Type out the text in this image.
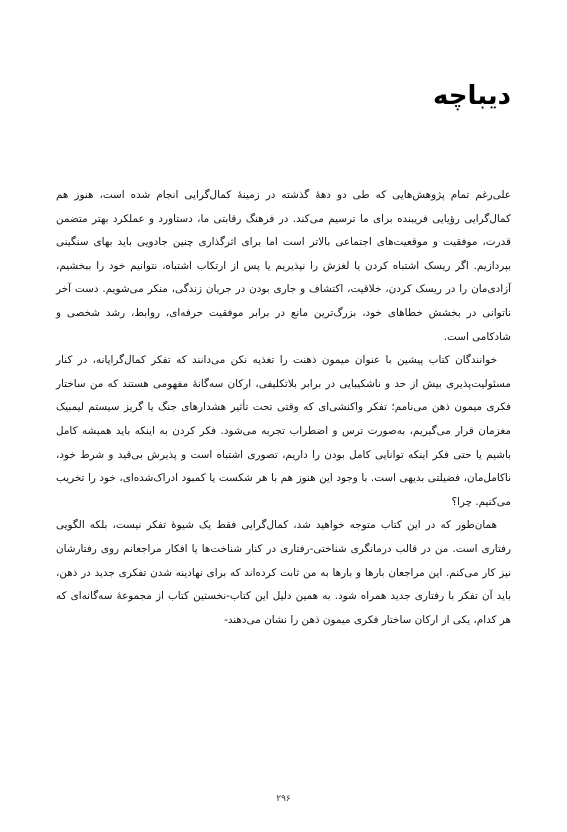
دیباچه

علی‌رغم تمام پژوهش‌هایی که طی دو دهۀ گذشته در زمینۀ کمال‌گرایی انجام شده است، هنوز هم کمال‌گرایی رؤیایی فریبنده برای ما ترسیم می‌کند. در فرهنگ رقابتی ما، دستاورد و عملکرد بهتر متضمن قدرت، موفقیت و موقعیت‌های اجتماعی بالاتر است اما برای اثرگذاری چنین جادویی باید بهای سنگینی بپردازیم. اگر ریسک اشتباه کردن یا لغزش را نپذیریم یا پس از ارتکاب اشتباه، نتوانیم خود را ببخشیم، آزادی‌مان را در ریسک کردن، خلاقیت، اکتشاف و جاری بودن در جریان زندگی، منکر می‌شویم. دست آخر ناتوانی در بخشش خطاهای خود، بزرگ‌ترین مانع در برابر موفقیت حرفه‌ای، روابط، رشد شخصی و شادکامی است.

خوانندگان کتاب پیشین با عنوان میمون ذهنت را تغذیه نکن می‌دانند که تفکر کمال‌گرایانه، در کنار مسئولیت‌پذیری بیش از حد و ناشکیبایی در برابر بلاتکلیفی، ارکان سه‌گانۀ مفهومی هستند که من ساختار فکری میمون ذهن می‌نامم؛ تفکر واکنشی‌ای که وقتی تحت تأثیر هشدارهای جنگ یا گریز سیستم لیمبیک مغزمان قرار می‌گیریم، به‌صورت ترس و اضطراب تجربه می‌شود. فکر کردن به اینکه باید همیشه کامل باشیم یا حتی فکر اینکه توانایی کامل بودن را داریم، تصوری اشتباه است و پذیرش بی‌قید و شرط خود، ناکامل‌مان، فضیلتی بدیهی است. با وجود این هنوز هم با هر شکست یا کمبود ادراک‌شده‌ای، خود را تخریب می‌کنیم. چرا؟

همان‌طور که در این کتاب متوجه خواهید شد، کمال‌گرایی فقط یک شیوۀ تفکر نیست، بلکه الگویی رفتاری است. من در قالب درمانگری شناختی-رفتاری در کنار شناخت‌ها یا افکار مراجعانم روی رفتارشان نیز کار می‌کنم. این مراجعان بارها و بارها به من ثابت کرده‌اند که برای نهادینه شدن تفکری جدید در ذهن، باید آن تفکر با رفتاری جدید همراه شود. به همین دلیل این کتاب-نخستین کتاب از مجموعۀ سه‌گانه‌ای که هر کدام، یکی از ارکان ساختار فکری میمون ذهن را نشان می‌دهند-

۲۹۶
